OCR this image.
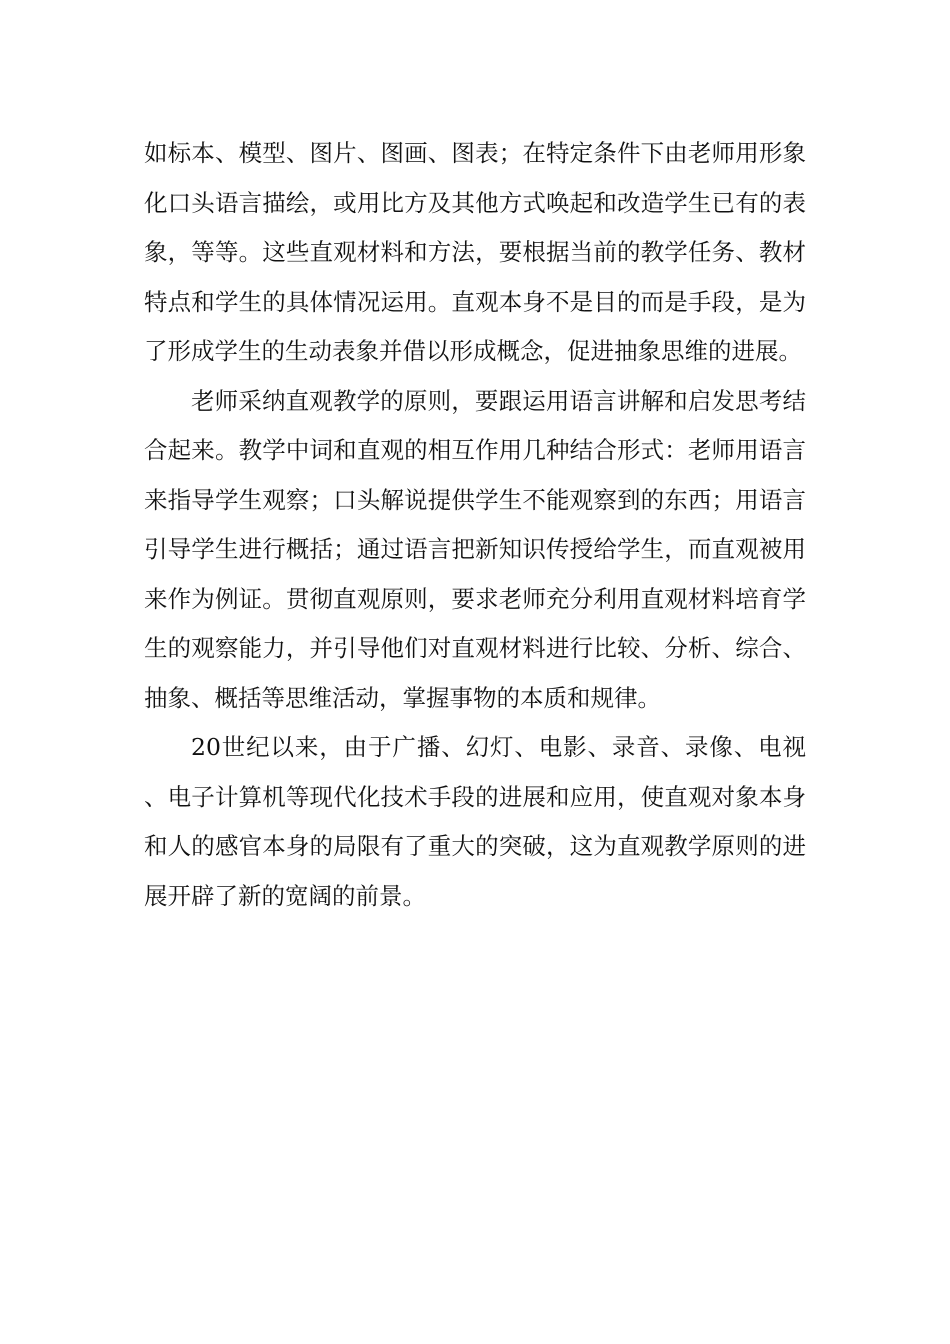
如标本、模型、图片、图画、图表；在特定条件下由老师用形象化口头语言描绘，或用比方及其他方式唤起和改造学生已有的表象，等等。这些直观材料和方法，要根据当前的教学任务、教材特点和学生的具体情况运用。直观本身不是目的而是手段，是为了形成学生的生动表象并借以形成概念，促进抽象思维的进展。

老师采纳直观教学的原则，要跟运用语言讲解和启发思考结合起来。教学中词和直观的相互作用几种结合形式：老师用语言来指导学生观察；口头解说提供学生不能观察到的东西；用语言引导学生进行概括；通过语言把新知识传授给学生，而直观被用来作为例证。贯彻直观原则，要求老师充分利用直观材料培育学生的观察能力，并引导他们对直观材料进行比较、分析、综合、抽象、概括等思维活动，掌握事物的本质和规律。

20世纪以来，由于广播、幻灯、电影、录音、录像、电视、电子计算机等现代化技术手段的进展和应用，使直观对象本身和人的感官本身的局限有了重大的突破，这为直观教学原则的进展开辟了新的宽阔的前景。
